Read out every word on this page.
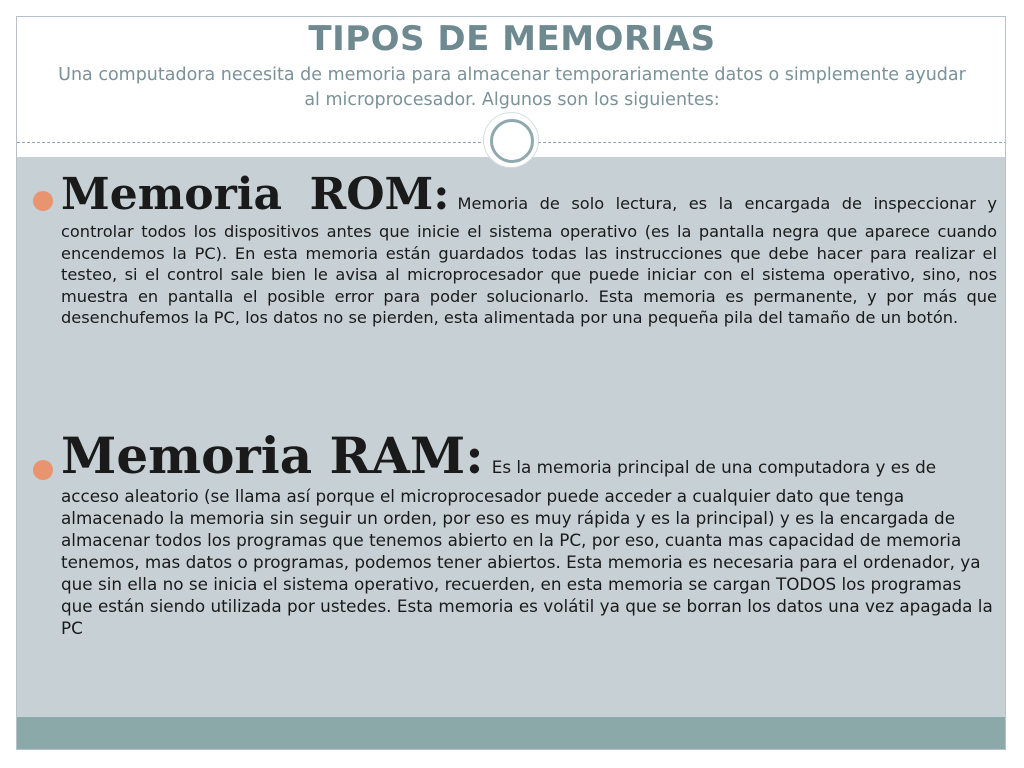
TIPOS DE MEMORIAS
Una computadora necesita de memoria para almacenar temporariamente datos o simplemente ayudar al microprocesador. Algunos son los siguientes:
Memoria ROM: Memoria de solo lectura, es la encargada de inspeccionar y controlar todos los dispositivos antes que inicie el sistema operativo (es la pantalla negra que aparece cuando encendemos la PC). En esta memoria están guardados todas las instrucciones que debe hacer para realizar el testeo, si el control sale bien le avisa al microprocesador que puede iniciar con el sistema operativo, sino, nos muestra en pantalla el posible error para poder solucionarlo. Esta memoria es permanente, y por más que desenchufemos la PC, los datos no se pierden, esta alimentada por una pequeña pila del tamaño de un botón.
Memoria RAM: Es la memoria principal de una computadora y es de acceso aleatorio (se llama así porque el microprocesador puede acceder a cualquier dato que tenga almacenado la memoria sin seguir un orden, por eso es muy rápida y es la principal) y es la encargada de almacenar todos los programas que tenemos abierto en la PC, por eso, cuanta mas capacidad de memoria tenemos, mas datos o programas, podemos tener abiertos. Esta memoria es necesaria para el ordenador, ya que sin ella no se inicia el sistema operativo, recuerden, en esta memoria se cargan TODOS los programas que están siendo utilizada por ustedes. Esta memoria es volátil ya que se borran los datos una vez apagada la PC
